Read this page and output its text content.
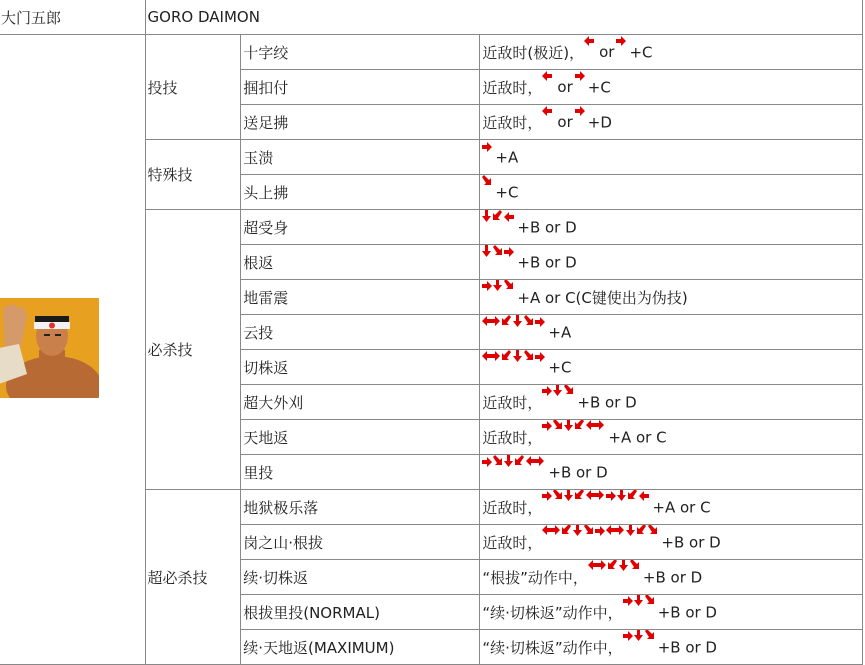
大门五郎	GORO DAIMON		
	投技	十字绞	近敌时(极近)， or +C
		掴扣付	近敌时， or +C
		送足拂	近敌时， or +D
	特殊技	玉溃	+A
		头上拂	+C
	必杀技	超受身	+B or D
		根返	+B or D
		地雷震	+A or C(C键使出为伪技)
		云投	+A
		切株返	+C
		超大外刈	近敌时， +B or D
		天地返	近敌时， +A or C
		里投	+B or D
	超必杀技	地狱极乐落	近敌时， +A or C
		岗之山·根拔	近敌时， +B or D
		续·切株返	“根拔”动作中， +B or D
		根拔里投(NORMAL)	“续·切株返”动作中， +B or D
		续·天地返(MAXIMUM)	“续·切株返”动作中， +B or D
